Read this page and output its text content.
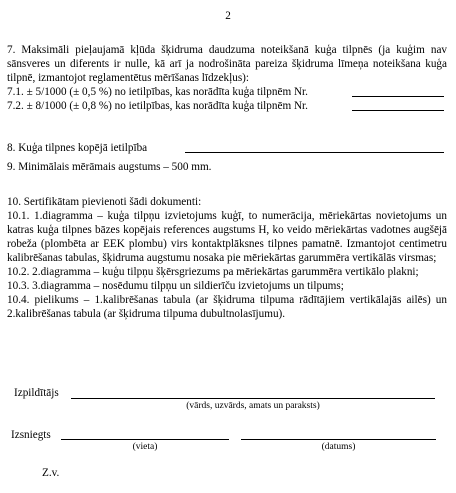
2

7. Maksimāli pieļaujamā kļūda šķidruma daudzuma noteikšanā kuģa tilpnēs (ja kuģim nav sānsveres un diferents ir nulle, kā arī ja nodrošināta pareiza šķidruma līmeņa noteikšana kuģa tilpnē, izmantojot reglamentētus mērīšanas līdzekļus):

7.1. ± 5/1000 (± 0,5 %) no ietilpības, kas norādīta kuģa tilpnēm Nr.
7.2. ± 8/1000 (± 0,8 %) no ietilpības, kas norādīta kuģa tilpnēm Nr.
8. Kuģa tilpnes kopējā ietilpība

9. Minimālais mērāmais augstums – 500 mm.

10. Sertifikātam pievienoti šādi dokumenti:

10.1. 1.diagramma – kuģa tilpņu izvietojums kuģī, to numerācija, mēriekārtas novietojums un katras kuģa tilpnes bāzes kopējais references augstums H, ko veido mēriekārtas vadotnes augšējā robeža (plombēta ar EEK plombu) virs kontaktplāksnes tilpnes pamatnē. Izmantojot centimetru kalibrēšanas tabulas, šķidruma augstumu nosaka pie mēriekārtas garummēra vertikālās virsmas;

10.2. 2.diagramma – kuģu tilpņu šķērsgriezums pa mēriekārtas garummēra vertikālo plakni;

10.3. 3.diagramma – nosēdumu tilpņu un sildierīču izvietojums un tilpums;

10.4. pielikums – 1.kalibrēšanas tabula (ar šķidruma tilpuma rādītājiem vertikālajās ailēs) un 2.kalibrēšanas tabula (ar šķidruma tilpuma dubultnolasījumu).

Izpildītājs
(vārds, uzvārds, amats un paraksts)
Izsniegts
(vieta)	(datums)
Z.v.
